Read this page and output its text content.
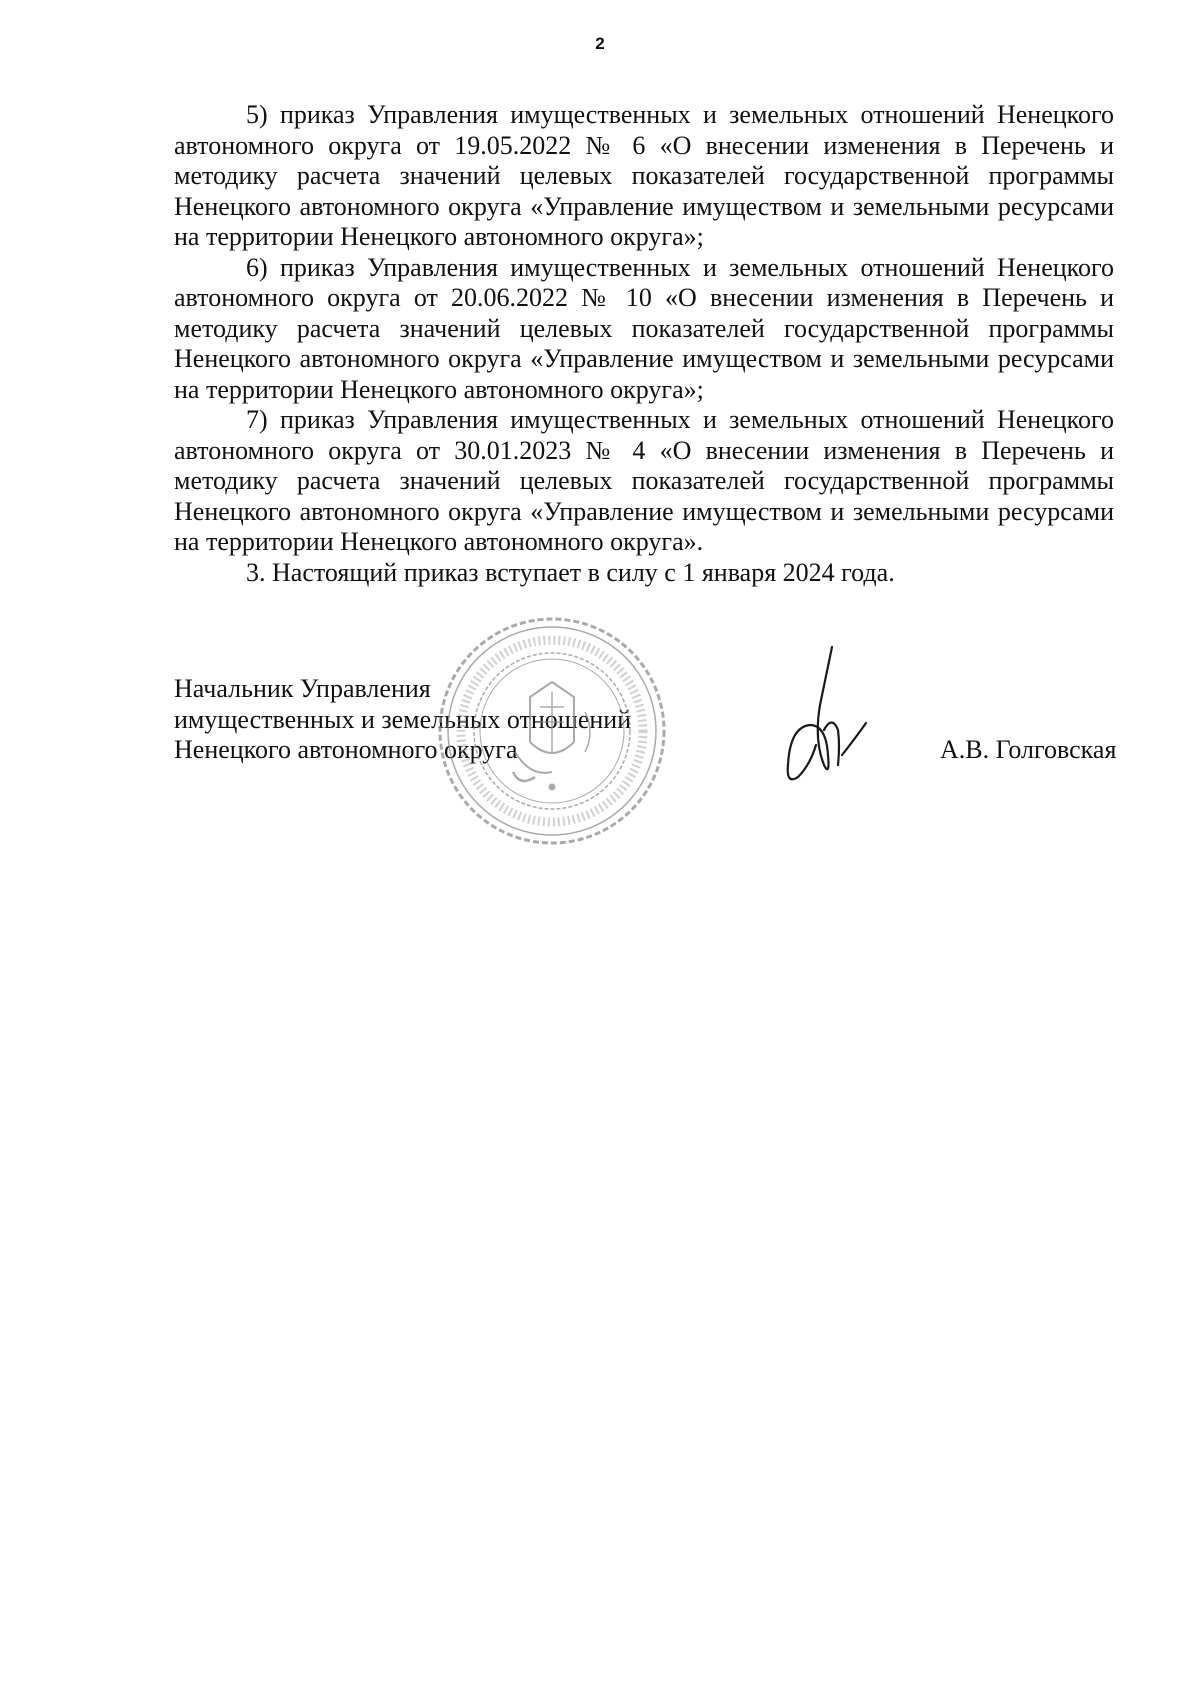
2

5) приказ Управления имущественных и земельных отношений Ненецкого автономного округа от 19.05.2022 № 6 «О внесении изменения в Перечень и методику расчета значений целевых показателей государственной программы Ненецкого автономного округа «Управление имуществом и земельными ресурсами на территории Ненецкого автономного округа»;

6) приказ Управления имущественных и земельных отношений Ненецкого автономного округа от 20.06.2022 № 10 «О внесении изменения в Перечень и методику расчета значений целевых показателей государственной программы Ненецкого автономного округа «Управление имуществом и земельными ресурсами на территории Ненецкого автономного округа»;

7) приказ Управления имущественных и земельных отношений Ненецкого автономного округа от 30.01.2023 № 4 «О внесении изменения в Перечень и методику расчета значений целевых показателей государственной программы Ненецкого автономного округа «Управление имуществом и земельными ресурсами на территории Ненецкого автономного округа».

3. Настоящий приказ вступает в силу с 1 января 2024 года.

Начальник Управления
имущественных и земельных отношений
Ненецкого автономного округа	А.В. Голговская
